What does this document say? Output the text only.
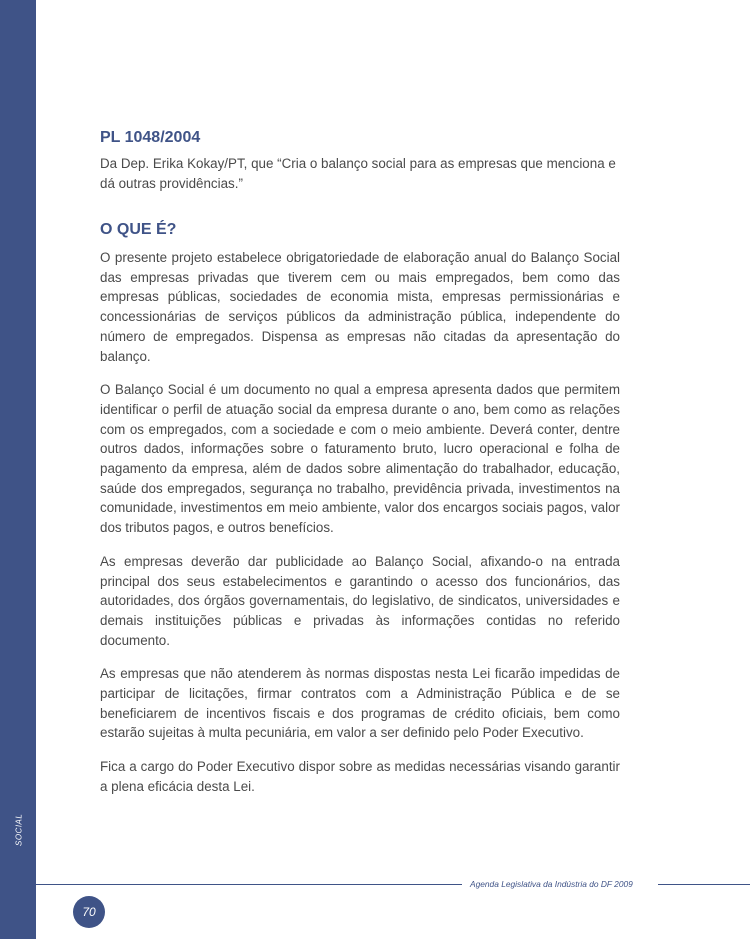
SOCIAL
PL 1048/2004

Da Dep. Erika Kokay/PT, que “Cria o balanço social para as empresas que menciona e dá outras providências.”

O QUE É?

O presente projeto estabelece obrigatoriedade de elaboração anual do Balanço Social das empresas privadas que tiverem cem ou mais empregados, bem como das empresas públicas, sociedades de economia mista, empresas permissionárias e concessionárias de serviços públicos da administração pública, independente do número de empregados. Dispensa as empresas não citadas da apresentação do balanço.

O Balanço Social é um documento no qual a empresa apresenta dados que permitem identificar o perfil de atuação social da empresa durante o ano, bem como as relações com os empregados, com a sociedade e com o meio ambiente. Deverá conter, dentre outros dados, informações sobre o faturamento bruto, lucro operacional e folha de pagamento da empresa, além de dados sobre alimentação do trabalhador, educação, saúde dos empregados, segurança no trabalho, previdência privada, investimentos na comunidade, investimentos em meio ambiente, valor dos encargos sociais pagos, valor dos tributos pagos, e outros benefícios.

As empresas deverão dar publicidade ao Balanço Social, afixando-o na entrada principal dos seus estabelecimentos e garantindo o acesso dos funcionários, das autoridades, dos órgãos governamentais, do legislativo, de sindicatos, universidades e demais instituições públicas e privadas às informações contidas no referido documento.

As empresas que não atenderem às normas dispostas nesta Lei ficarão impedidas de participar de licitações, firmar contratos com a Administração Pública e de se beneficiarem de incentivos fiscais e dos programas de crédito oficiais, bem como estarão sujeitas à multa pecuniária, em valor a ser definido pelo Poder Executivo.

Fica a cargo do Poder Executivo dispor sobre as medidas necessárias visando garantir a plena eficácia desta Lei.

Agenda Legislativa da Indústria do DF 2009
70
